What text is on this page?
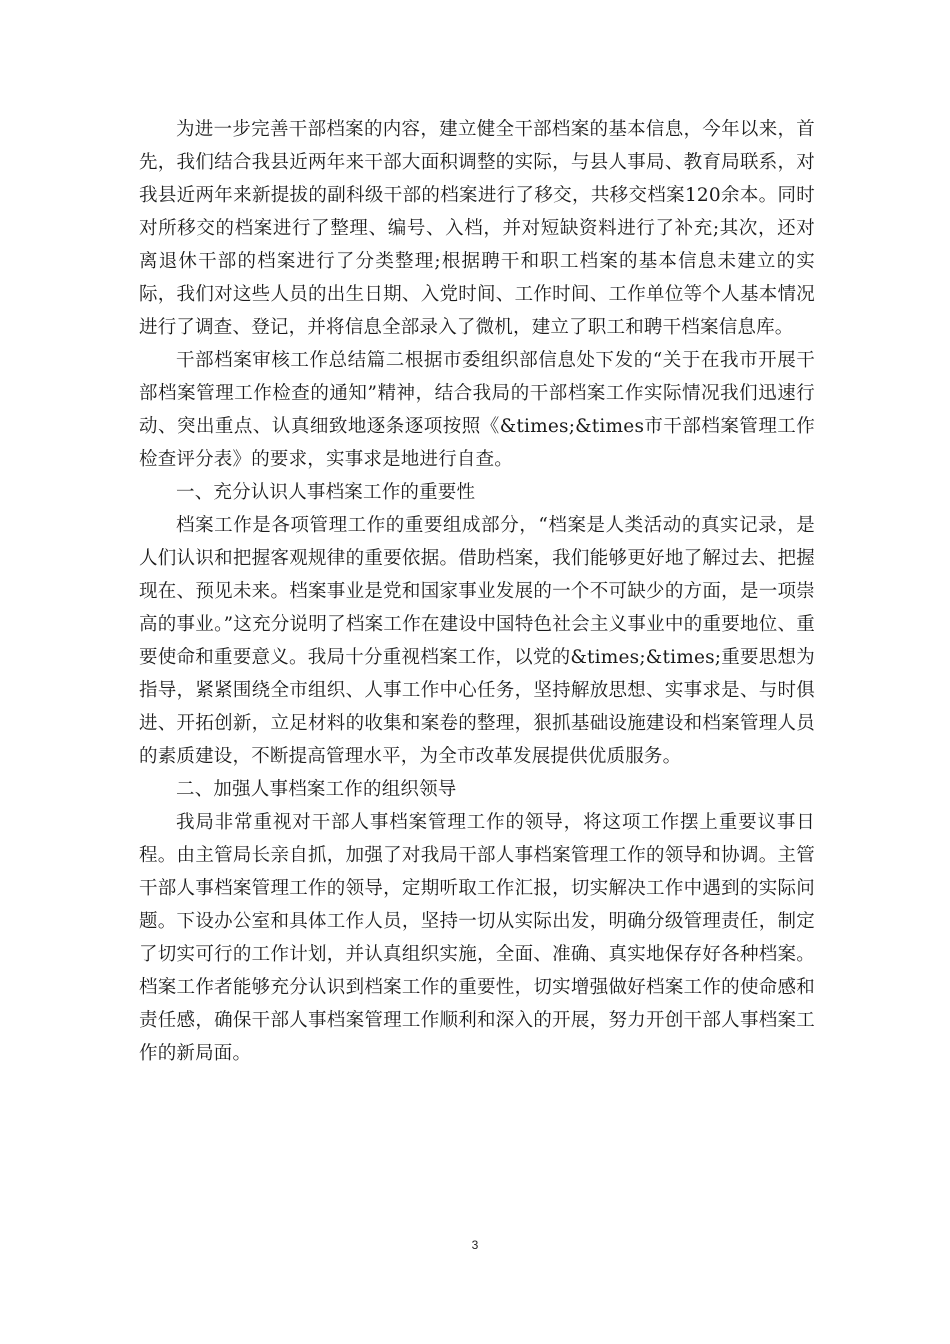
为进一步完善干部档案的内容，建立健全干部档案的基本信息，今年以来，首先，我们结合我县近两年来干部大面积调整的实际，与县人事局、教育局联系，对我县近两年来新提拔的副科级干部的档案进行了移交，共移交档案120余本。同时对所移交的档案进行了整理、编号、入档，并对短缺资料进行了补充;其次，还对离退休干部的档案进行了分类整理;根据聘干和职工档案的基本信息未建立的实际，我们对这些人员的出生日期、入党时间、工作时间、工作单位等个人基本情况进行了调查、登记，并将信息全部录入了微机，建立了职工和聘干档案信息库。

干部档案审核工作总结篇二根据市委组织部信息处下发的“关于在我市开展干部档案管理工作检查的通知”精神，结合我局的干部档案工作实际情况我们迅速行动、突出重点、认真细致地逐条逐项按照《&times;&times市干部档案管理工作检查评分表》的要求，实事求是地进行自查。

一、充分认识人事档案工作的重要性

档案工作是各项管理工作的重要组成部分，“档案是人类活动的真实记录，是人们认识和把握客观规律的重要依据。借助档案，我们能够更好地了解过去、把握现在、预见未来。档案事业是党和国家事业发展的一个不可缺少的方面，是一项崇高的事业。”这充分说明了档案工作在建设中国特色社会主义事业中的重要地位、重要使命和重要意义。我局十分重视档案工作，以党的&times;&times;重要思想为指导，紧紧围绕全市组织、人事工作中心任务，坚持解放思想、实事求是、与时俱进、开拓创新，立足材料的收集和案卷的整理，狠抓基础设施建设和档案管理人员的素质建设，不断提高管理水平，为全市改革发展提供优质服务。

二、加强人事档案工作的组织领导

我局非常重视对干部人事档案管理工作的领导，将这项工作摆上重要议事日程。由主管局长亲自抓，加强了对我局干部人事档案管理工作的领导和协调。主管干部人事档案管理工作的领导，定期听取工作汇报，切实解决工作中遇到的实际问题。下设办公室和具体工作人员，坚持一切从实际出发，明确分级管理责任，制定了切实可行的工作计划，并认真组织实施，全面、准确、真实地保存好各种档案。档案工作者能够充分认识到档案工作的重要性，切实增强做好档案工作的使命感和责任感，确保干部人事档案管理工作顺利和深入的开展，努力开创干部人事档案工作的新局面。

3
